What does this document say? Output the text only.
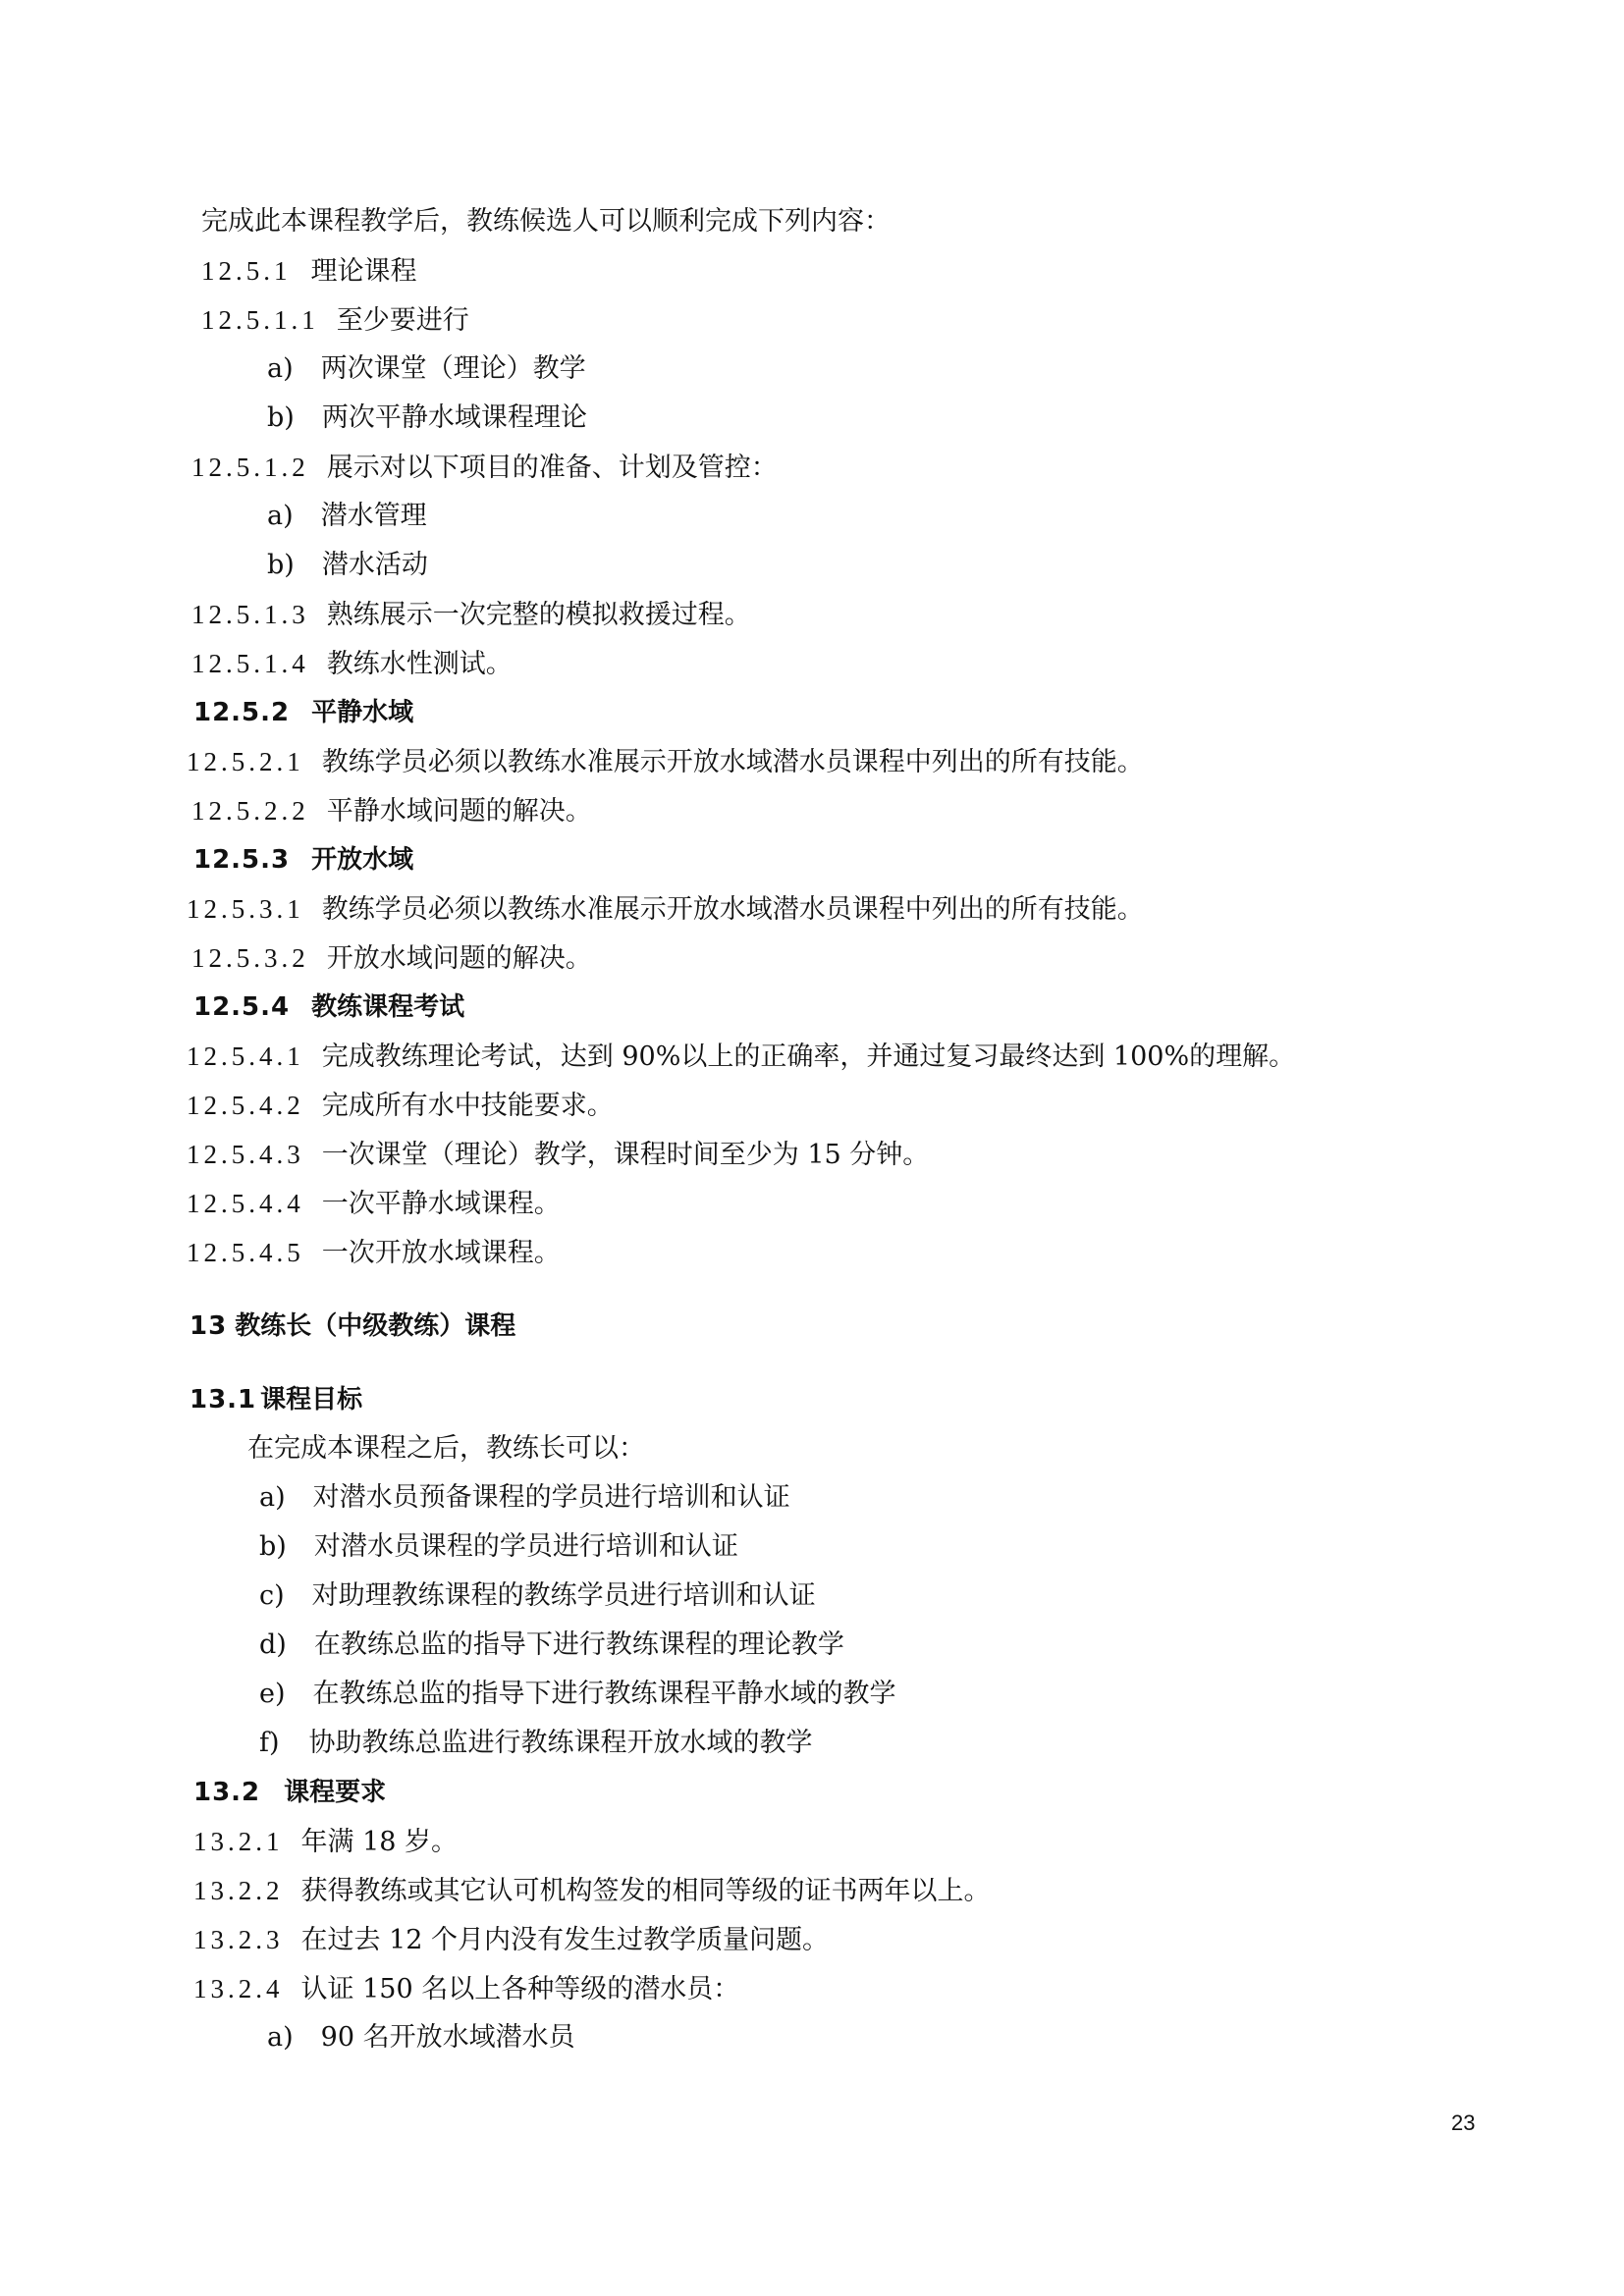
完成此本课程教学后，教练候选人可以顺利完成下列内容：
12.5.1 理论课程
12.5.1.1 至少要进行
a) 两次课堂（理论）教学
b) 两次平静水域课程理论
12.5.1.2 展示对以下项目的准备、计划及管控：
a) 潜水管理
b) 潜水活动
12.5.1.3 熟练展示一次完整的模拟救援过程。
12.5.1.4 教练水性测试。
12.5.2 平静水域
12.5.2.1 教练学员必须以教练水准展示开放水域潜水员课程中列出的所有技能。
12.5.2.2 平静水域问题的解决。
12.5.3 开放水域
12.5.3.1 教练学员必须以教练水准展示开放水域潜水员课程中列出的所有技能。
12.5.3.2 开放水域问题的解决。
12.5.4 教练课程考试
12.5.4.1 完成教练理论考试，达到 90%以上的正确率，并通过复习最终达到 100%的理解。
12.5.4.2 完成所有水中技能要求。
12.5.4.3 一次课堂（理论）教学，课程时间至少为 15 分钟。
12.5.4.4 一次平静水域课程。
12.5.4.5 一次开放水域课程。
13 教练长（中级教练）课程
13.1 课程目标
在完成本课程之后，教练长可以：
a) 对潜水员预备课程的学员进行培训和认证
b) 对潜水员课程的学员进行培训和认证
c) 对助理教练课程的教练学员进行培训和认证
d) 在教练总监的指导下进行教练课程的理论教学
e) 在教练总监的指导下进行教练课程平静水域的教学
f) 协助教练总监进行教练课程开放水域的教学
13.2 课程要求
13.2.1 年满 18 岁。
13.2.2 获得教练或其它认可机构签发的相同等级的证书两年以上。
13.2.3 在过去 12 个月内没有发生过教学质量问题。
13.2.4 认证 150 名以上各种等级的潜水员：
a) 90 名开放水域潜水员
23
